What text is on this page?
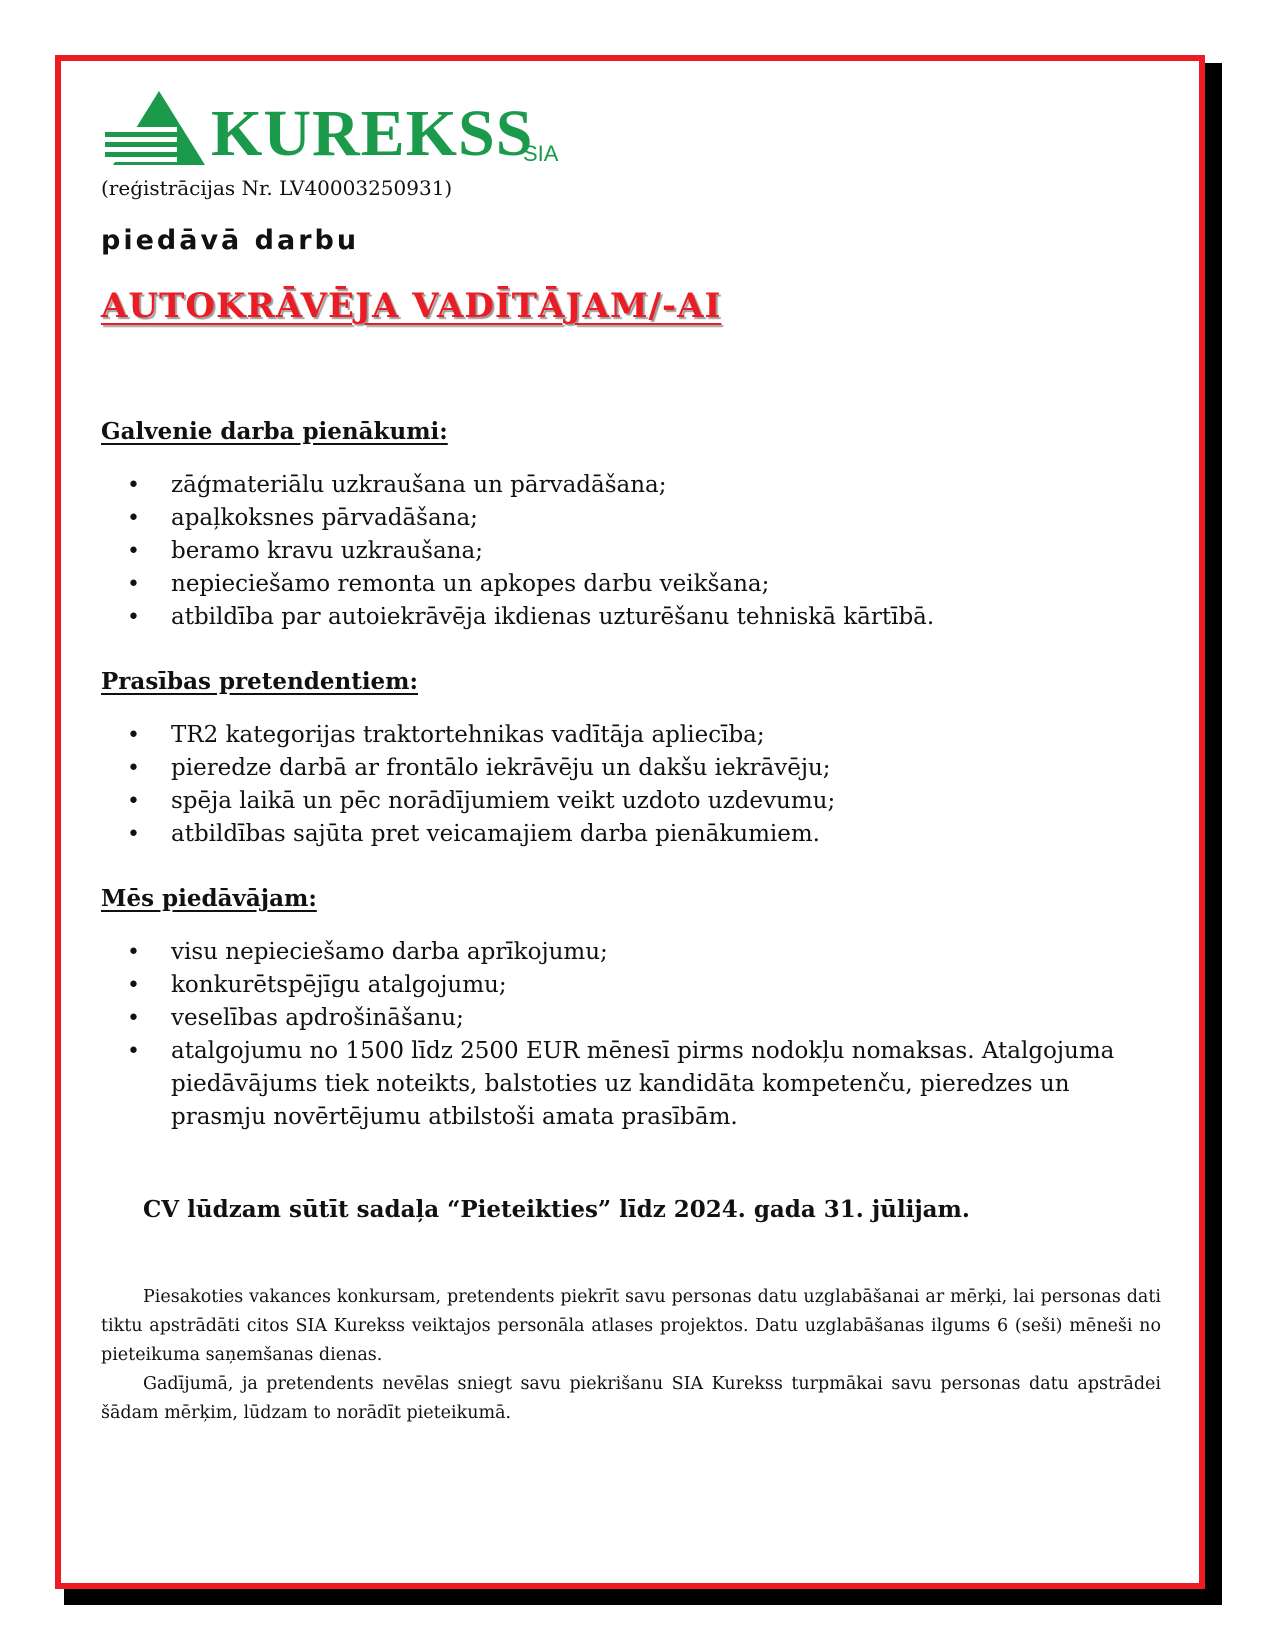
KUREKSS
SIA
(reģistrācijas Nr. LV40003250931)
piedāvā darbu
AUTOKRĀVĒJA VADĪTĀJAM/-AI
Galvenie darba pienākumi:
• zāģmateriālu uzkraušana un pārvadāšana;
• apaļkoksnes pārvadāšana;
• beramo kravu uzkraušana;
• nepieciešamo remonta un apkopes darbu veikšana;
• atbildība par autoiekrāvēja ikdienas uzturēšanu tehniskā kārtībā.
Prasības pretendentiem:
• TR2 kategorijas traktortehnikas vadītāja apliecība;
• pieredze darbā ar frontālo iekrāvēju un dakšu iekrāvēju;
• spēja laikā un pēc norādījumiem veikt uzdoto uzdevumu;
• atbildības sajūta pret veicamajiem darba pienākumiem.
Mēs piedāvājam:
• visu nepieciešamo darba aprīkojumu;
• konkurētspējīgu atalgojumu;
• veselības apdrošināšanu;
• atalgojumu no 1500 līdz 2500 EUR mēnesī pirms nodokļu nomaksas. Atalgojuma piedāvājums tiek noteikts, balstoties uz kandidāta kompetenču, pieredzes un prasmju novērtējumu atbilstoši amata prasībām.
CV lūdzam sūtīt sadaļa “Pieteikties” līdz 2024. gada 31. jūlijam.

Piesakoties vakances konkursam, pretendents piekrīt savu personas datu uzglabāšanai ar mērķi, lai personas dati tiktu apstrādāti citos SIA Kurekss veiktajos personāla atlases projektos. Datu uzglabāšanas ilgums 6 (seši) mēneši no pieteikuma saņemšanas dienas.

Gadījumā, ja pretendents nevēlas sniegt savu piekrišanu SIA Kurekss turpmākai savu personas datu apstrādei šādam mērķim, lūdzam to norādīt pieteikumā.
